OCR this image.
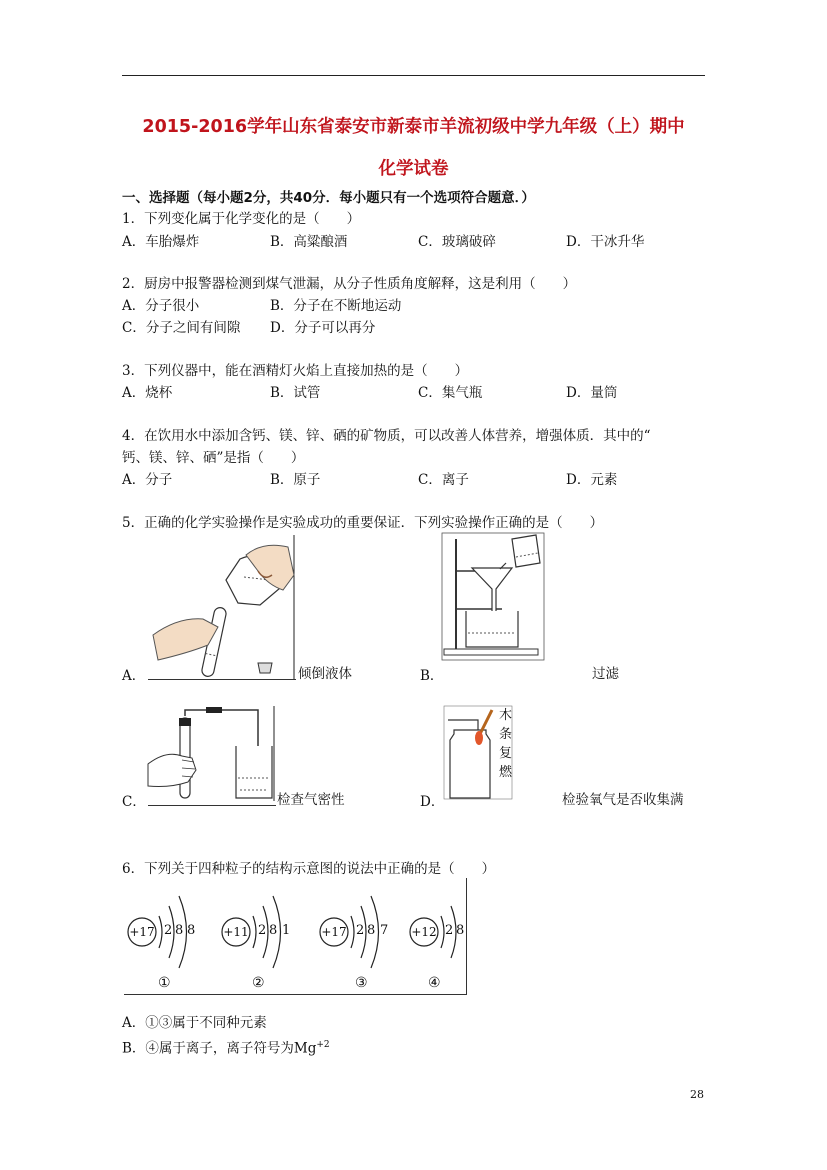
2015-2016学年山东省泰安市新泰市羊流初级中学九年级（上）期中
化学试卷
一、选择题（每小题2分，共40分．每小题只有一个选项符合题意．）
1．下列变化属于化学变化的是（　　）
A．车胎爆炸	B．高粱酿酒	C．玻璃破碎	D．干冰升华
2．厨房中报警器检测到煤气泄漏，从分子性质角度解释，这是利用（　　）
A．分子很小	B．分子在不断地运动
C．分子之间有间隙 D．分子可以再分
3．下列仪器中，能在酒精灯火焰上直接加热的是（　　）
A．烧杯	B．试管	C．集气瓶	D．量筒
4．在饮用水中添加含钙、镁、锌、硒的矿物质，可以改善人体营养，增强体质．其中的“
钙、镁、锌、硒”是指（　　）
A．分子	B．原子	C．离子	D．元素
5．正确的化学实验操作是实验成功的重要保证．下列实验操作正确的是（　　）
A．	倾倒液体	B．	过滤
C．	检查气密性
木
条
复
燃
D．	检验氧气是否收集满
6．下列关于四种粒子的结构示意图的说法中正确的是（　　）
+17 2 8 8
①
+11 2 8 1
②
+17 2 8 7
③
+12 2 8
④
A．①③属于不同种元素
B．④属于离子，离子符号为$Mg^{+2}$
28
